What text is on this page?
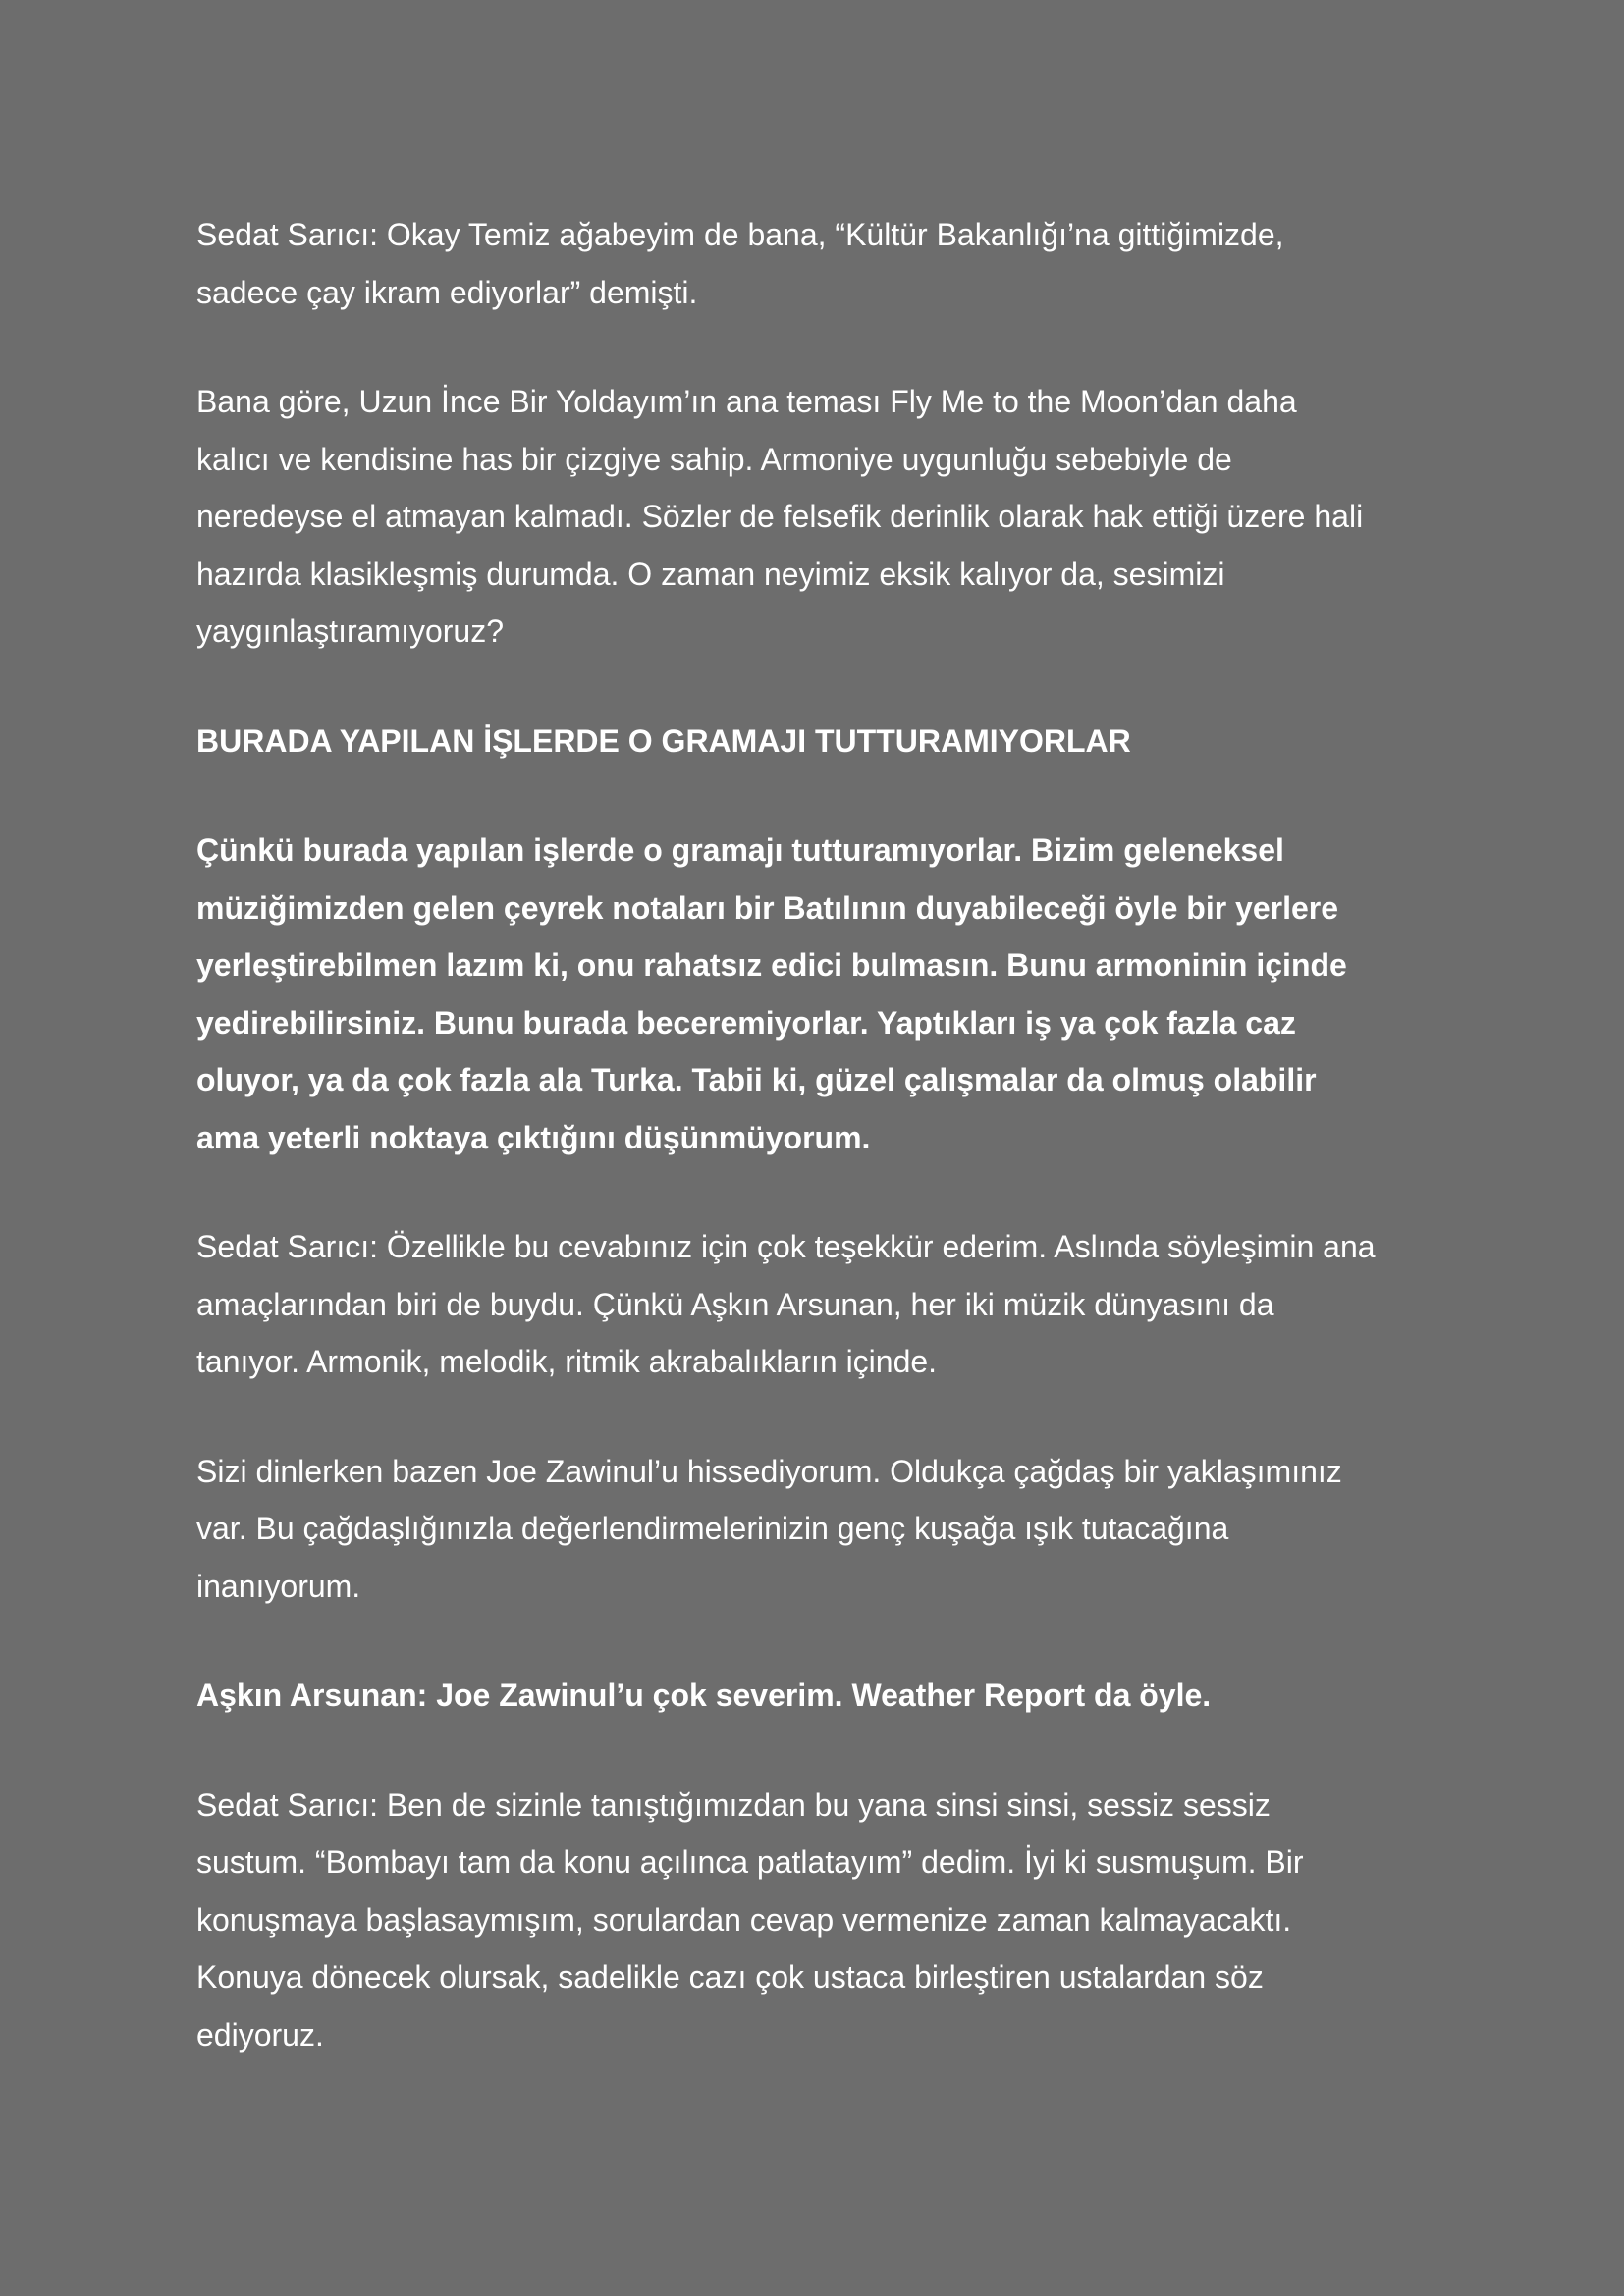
Sedat Sarıcı: Okay Temiz ağabeyim de bana, “Kültür Bakanlığı’na gittiğimizde,
sadece çay ikram ediyorlar” demişti.
Bana göre, Uzun İnce Bir Yoldayım’ın ana teması Fly Me to the Moon’dan daha
kalıcı ve kendisine has bir çizgiye sahip. Armoniye uygunluğu sebebiyle de
neredeyse el atmayan kalmadı. Sözler de felsefik derinlik olarak hak ettiği üzere hali
hazırda klasikleşmiş durumda. O zaman neyimiz eksik kalıyor da, sesimizi
yaygınlaştıramıyoruz?
BURADA YAPILAN İŞLERDE O GRAMAJI TUTTURAMIYORLAR
Çünkü burada yapılan işlerde o gramajı tutturamıyorlar. Bizim geleneksel
müziğimizden gelen çeyrek notaları bir Batılının duyabileceği öyle bir yerlere
yerleştirebilmen lazım ki, onu rahatsız edici bulmasın. Bunu armoninin içinde
yedirebilirsiniz. Bunu burada beceremiyorlar. Yaptıkları iş ya çok fazla caz
oluyor, ya da çok fazla ala Turka. Tabii ki, güzel çalışmalar da olmuş olabilir
ama yeterli noktaya çıktığını düşünmüyorum.
Sedat Sarıcı: Özellikle bu cevabınız için çok teşekkür ederim. Aslında söyleşimin ana
amaçlarından biri de buydu. Çünkü Aşkın Arsunan, her iki müzik dünyasını da
tanıyor. Armonik, melodik, ritmik akrabalıkların içinde.
Sizi dinlerken bazen Joe Zawinul’u hissediyorum. Oldukça çağdaş bir yaklaşımınız
var. Bu çağdaşlığınızla değerlendirmelerinizin genç kuşağa ışık tutacağına
inanıyorum.
Aşkın Arsunan: Joe Zawinul’u çok severim. Weather Report da öyle.
Sedat Sarıcı: Ben de sizinle tanıştığımızdan bu yana sinsi sinsi, sessiz sessiz
sustum. “Bombayı tam da konu açılınca patlatayım” dedim. İyi ki susmuşum. Bir
konuşmaya başlasaymışım, sorulardan cevap vermenize zaman kalmayacaktı.
Konuya dönecek olursak, sadelikle cazı çok ustaca birleştiren ustalardan söz
ediyoruz.
